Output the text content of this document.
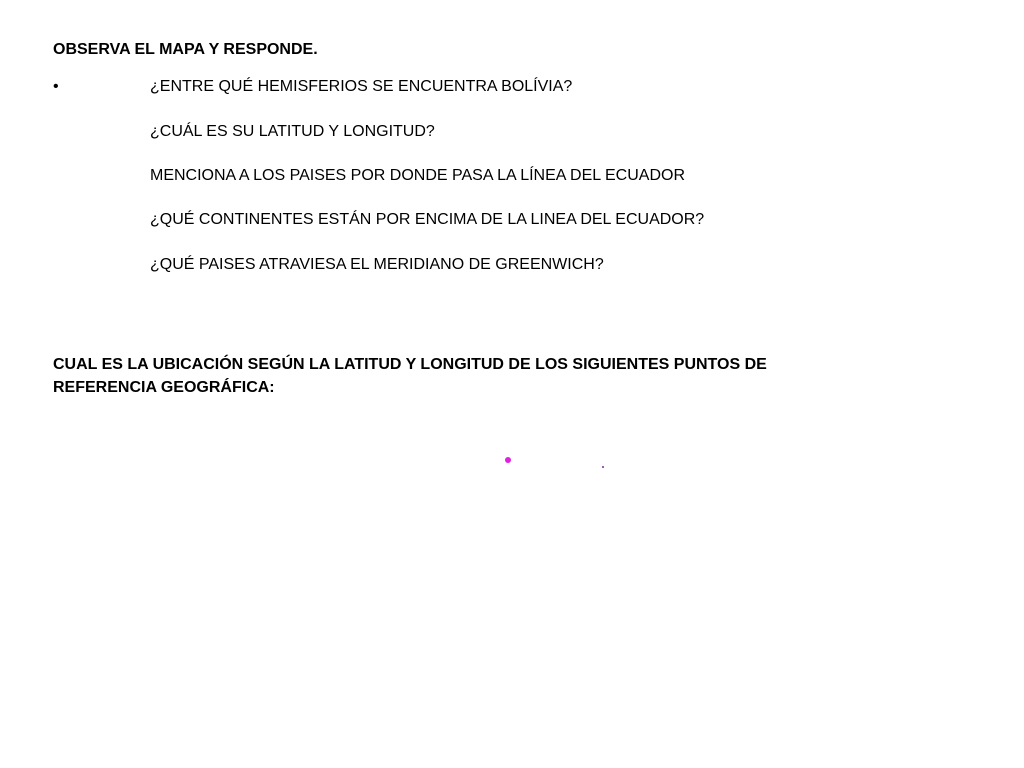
OBSERVA EL MAPA Y RESPONDE.
•	¿ENTRE QUÉ HEMISFERIOS SE ENCUENTRA BOLÍVIA?

¿CUÁL ES SU LATITUD Y LONGITUD?

MENCIONA A LOS PAISES POR DONDE PASA LA LÍNEA DEL ECUADOR

¿QUÉ CONTINENTES ESTÁN POR ENCIMA DE LA LINEA DEL ECUADOR?

¿QUÉ PAISES ATRAVIESA EL MERIDIANO DE GREENWICH?

CUAL ES LA UBICACIÓN SEGÚN LA LATITUD Y LONGITUD DE LOS SIGUIENTES PUNTOS DE
REFERENCIA GEOGRÁFICA:
